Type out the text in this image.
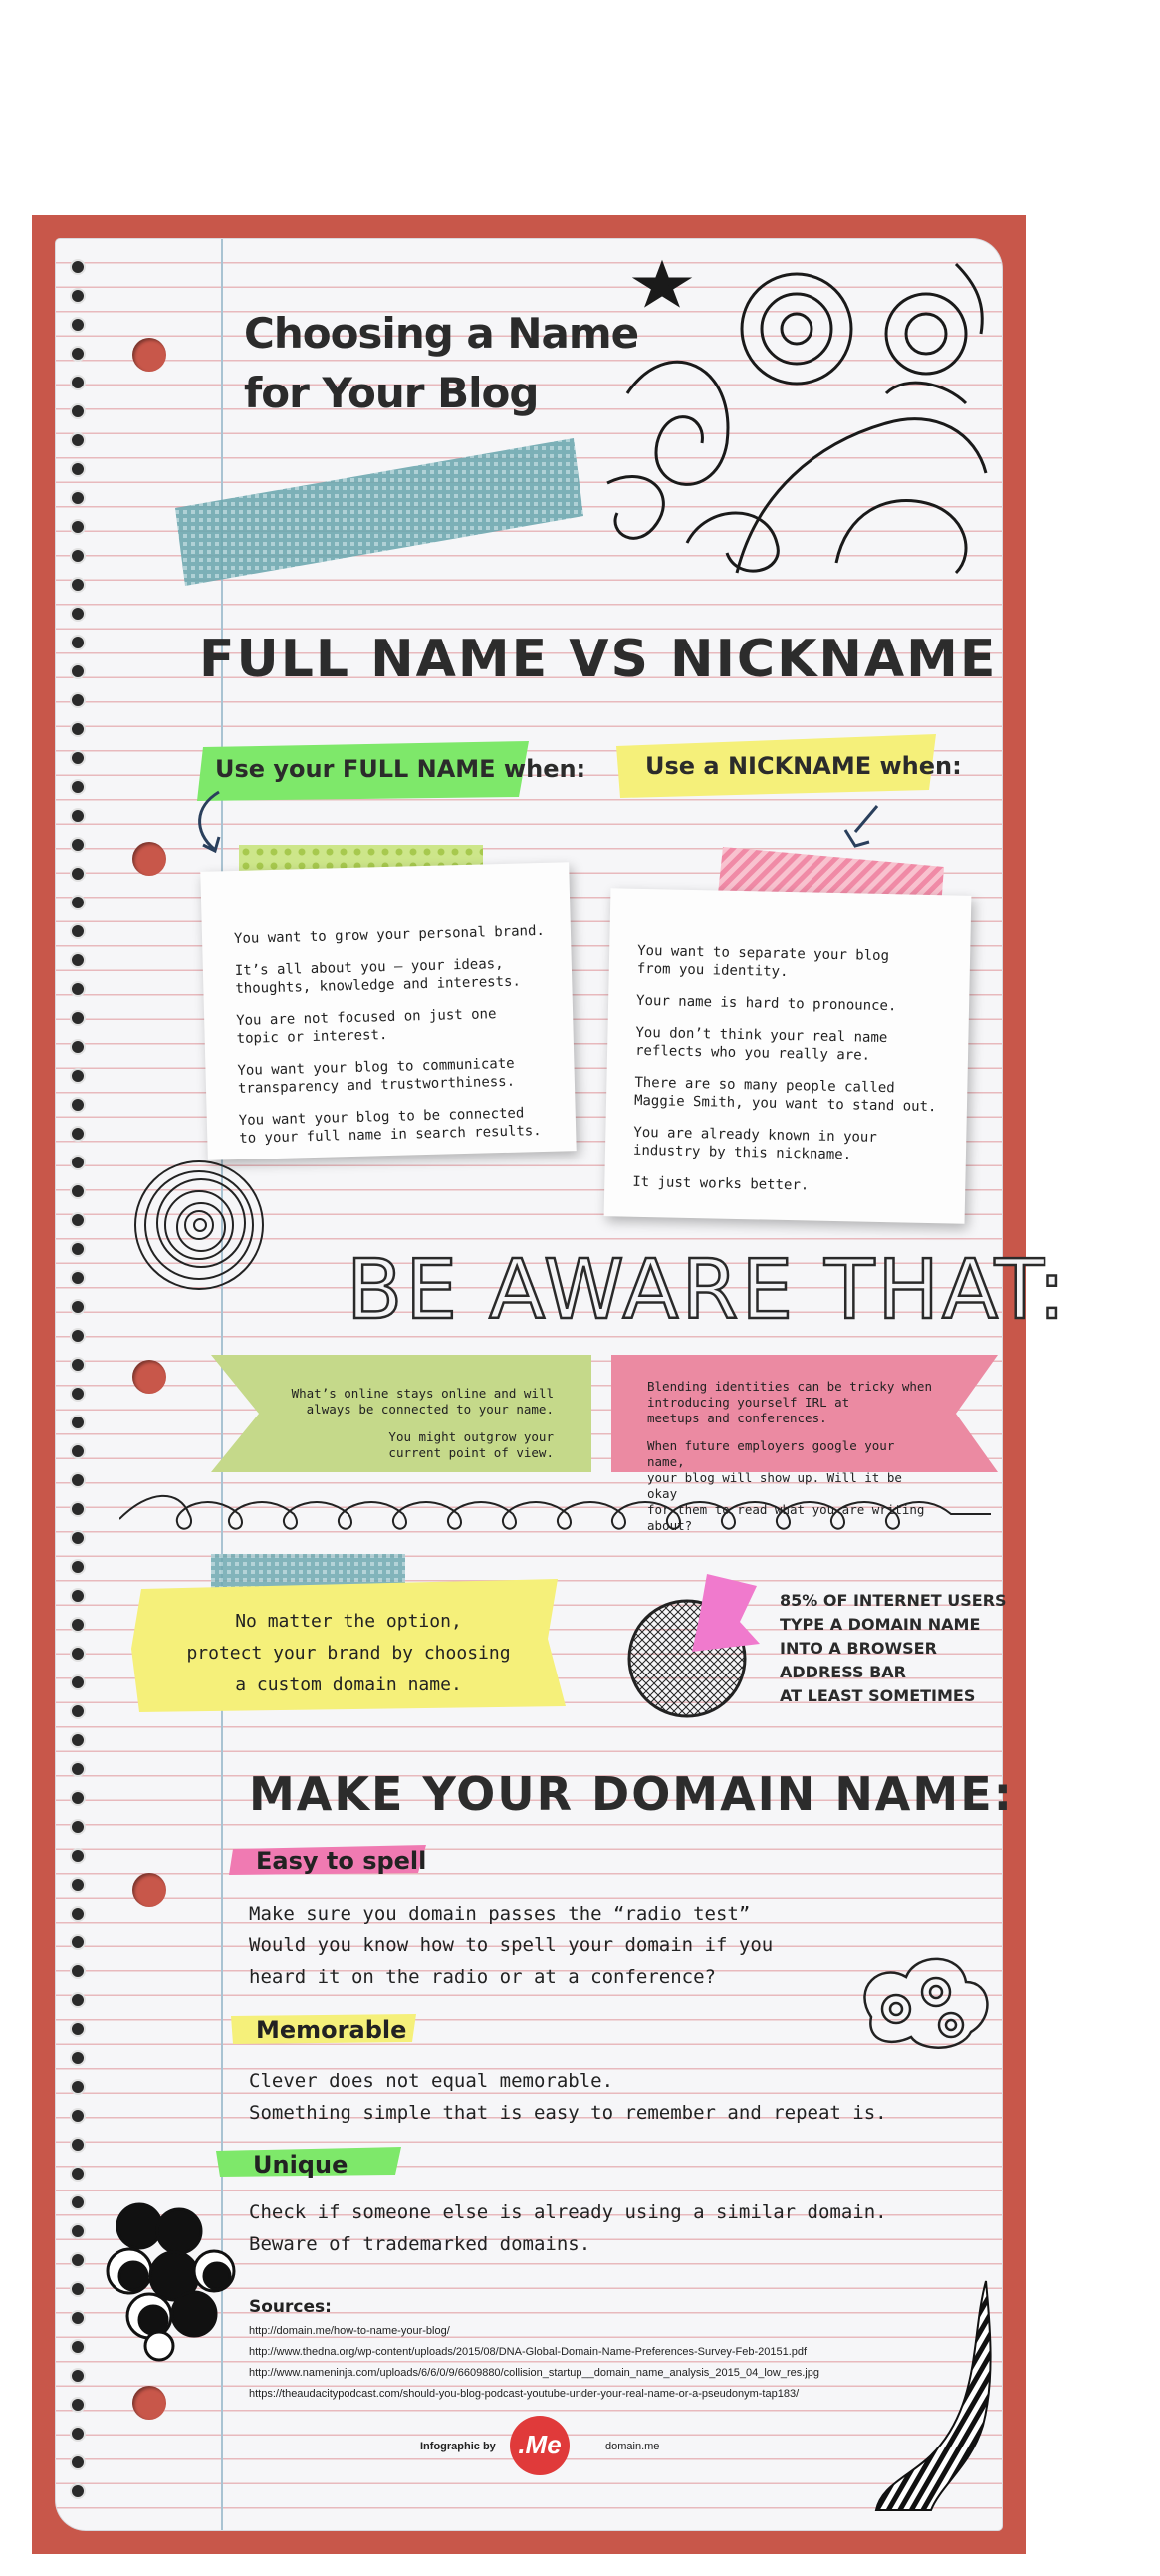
Choosing a Name
for Your Blog
FULL NAME VS NICKNAME
Use your FULL NAME when:	Use a NICKNAME when:

You want to grow your personal brand.

It’s all about you – your ideas,
thoughts, knowledge and interests.

You are not focused on just one
topic or interest.

You want your blog to communicate
transparency and trustworthiness.

You want your blog to be connected
to your full name in search results.

You want to separate your blog
from you identity.

Your name is hard to pronounce.

You don’t think your real name
reflects who you really are.

There are so many people called
Maggie Smith, you want to stand out.

You are already known in your
industry by this nickname.

It just works better.

BE AWARE THAT:

What’s online stays online and will
always be connected to your name.

You might outgrow your
current point of view.

Blending identities can be tricky when
introducing yourself IRL at
meetups and conferences.

When future employers google your name,
your blog will show up. Will it be okay
for them to read what you are writing about?

No matter the option,
protect your brand by choosing
a custom domain name.
85% OF INTERNET USERS
TYPE A DOMAIN NAME
INTO A BROWSER
ADDRESS BAR
AT LEAST SOMETIMES
MAKE YOUR DOMAIN NAME:
Easy to spell
Make sure you domain passes the “radio test”
Would you know how to spell your domain if you
heard it on the radio or at a conference?
Memorable
Clever does not equal memorable.
Something simple that is easy to remember and repeat is.
Unique
Check if someone else is already using a similar domain.
Beware of trademarked domains.
Sources:
http://domain.me/how-to-name-your-blog/
http://www.thedna.org/wp-content/uploads/2015/08/DNA-Global-Domain-Name-Preferences-Survey-Feb-20151.pdf
http://www.nameninja.com/uploads/6/6/0/9/6609880/collision_startup__domain_name_analysis_2015_04_low_res.jpg
https://theaudacitypodcast.com/should-you-blog-podcast-youtube-under-your-real-name-or-a-pseudonym-tap183/
Infographic by .Me	domain.me
